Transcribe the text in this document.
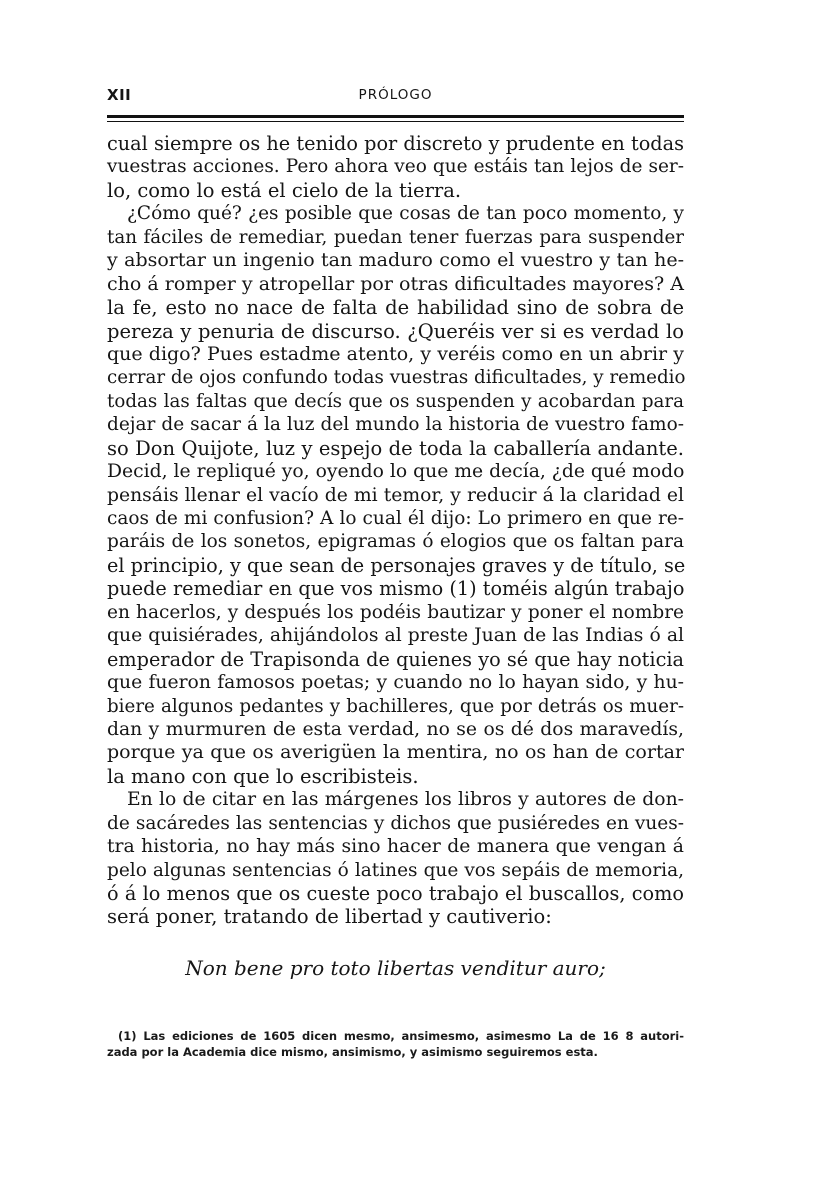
XII	PRÓLOGO
cual siempre os he tenido por discreto y prudente en todas
vuestras acciones. Pero ahora veo que estáis tan lejos de ser-
lo, como lo está el cielo de la tierra.
¿Cómo qué? ¿es posible que cosas de tan poco momento, y
tan fáciles de remediar, puedan tener fuerzas para suspender
y absortar un ingenio tan maduro como el vuestro y tan he-
cho á romper y atropellar por otras dificultades mayores? A
la fe, esto no nace de falta de habilidad sino de sobra de
pereza y penuria de discurso. ¿Queréis ver si es verdad lo
que digo? Pues estadme atento, y veréis como en un abrir y
cerrar de ojos confundo todas vuestras dificultades, y remedio
todas las faltas que decís que os suspenden y acobardan para
dejar de sacar á la luz del mundo la historia de vuestro famo-
so Don Quijote, luz y espejo de toda la caballería andante.
Decid, le repliqué yo, oyendo lo que me decía, ¿de qué modo
pensáis llenar el vacío de mi temor, y reducir á la claridad el
caos de mi confusion? A lo cual él dijo: Lo primero en que re-
paráis de los sonetos, epigramas ó elogios que os faltan para
el principio, y que sean de personajes graves y de título, se
puede remediar en que vos mismo (1) toméis algún trabajo
en hacerlos, y después los podéis bautizar y poner el nombre
que quisiérades, ahijándolos al preste Juan de las Indias ó al
emperador de Trapisonda de quienes yo sé que hay noticia
que fueron famosos poetas; y cuando no lo hayan sido, y hu-
biere algunos pedantes y bachilleres, que por detrás os muer-
dan y murmuren de esta verdad, no se os dé dos maravedís,
porque ya que os averigüen la mentira, no os han de cortar
la mano con que lo escribisteis.
En lo de citar en las márgenes los libros y autores de don-
de sacáredes las sentencias y dichos que pusiéredes en vues-
tra historia, no hay más sino hacer de manera que vengan á
pelo algunas sentencias ó latines que vos sepáis de memoria,
ó á lo menos que os cueste poco trabajo el buscallos, como
será poner, tratando de libertad y cautiverio:
Non bene pro toto libertas venditur auro;
(1) Las ediciones de 1605 dicen mesmo, ansimesmo, asimesmo La de 16 8 autori-
zada por la Academia dice mismo, ansimismo, y asimismo seguiremos esta.
